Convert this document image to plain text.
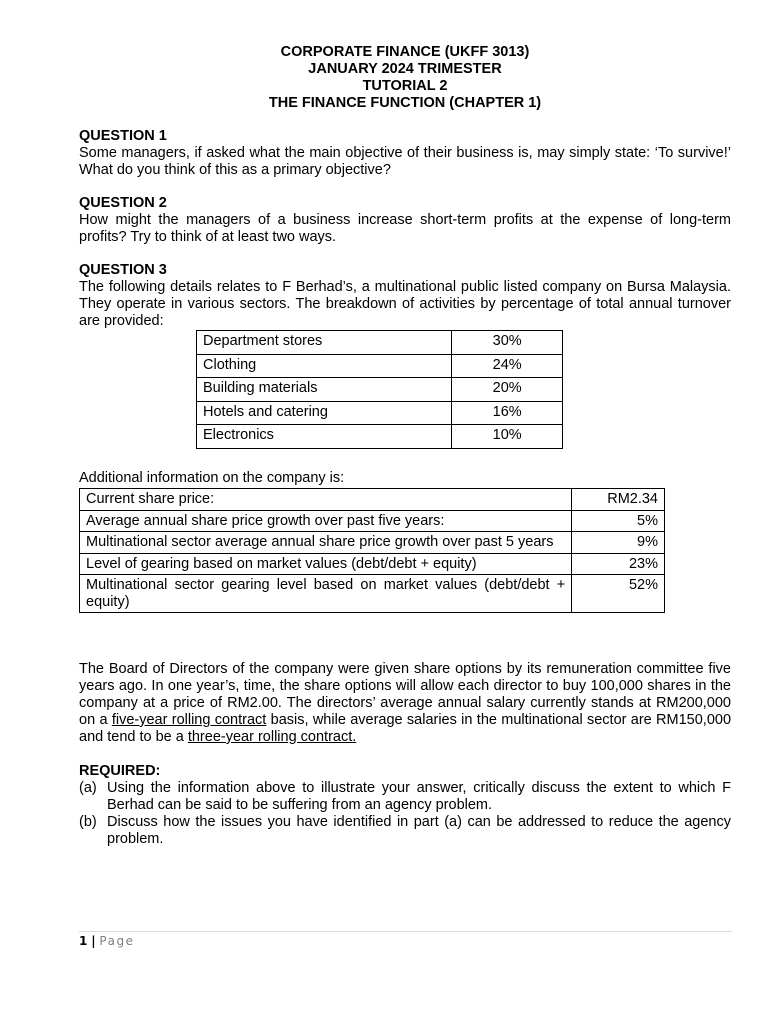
CORPORATE FINANCE (UKFF 3013)
JANUARY 2024 TRIMESTER
TUTORIAL 2
THE FINANCE FUNCTION (CHAPTER 1)
QUESTION 1
Some managers, if asked what the main objective of their business is, may simply state: ‘To survive!’ What do you think of this as a primary objective?
QUESTION 2
How might the managers of a business increase short-term profits at the expense of long-term profits? Try to think of at least two ways.
QUESTION 3
The following details relates to F Berhad’s, a multinational public listed company on Bursa Malaysia. They operate in various sectors. The breakdown of activities by percentage of total annual turnover are provided:
Department stores	30%
Clothing	24%
Building materials	20%
Hotels and catering	16%
Electronics	10%
Additional information on the company is:
Current share price:	RM2.34
Average annual share price growth over past five years:	5%
Multinational sector average annual share price growth over past 5 years	9%
Level of gearing based on market values (debt/debt + equity)	23%
Multinational sector gearing level based on market values (debt/debt + equity)	52%
The Board of Directors of the company were given share options by its remuneration committee five years ago. In one year’s, time, the share options will allow each director to buy 100,000 shares in the company at a price of RM2.00. The directors’ average annual salary currently stands at RM200,000 on a five-year rolling contract basis, while average salaries in the multinational sector are RM150,000 and tend to be a three-year rolling contract.
REQUIRED:
(a) Using the information above to illustrate your answer, critically discuss the extent to which F Berhad can be said to be suffering from an agency problem.
(b) Discuss how the issues you have identified in part (a) can be addressed to reduce the agency problem.
1 | Page
